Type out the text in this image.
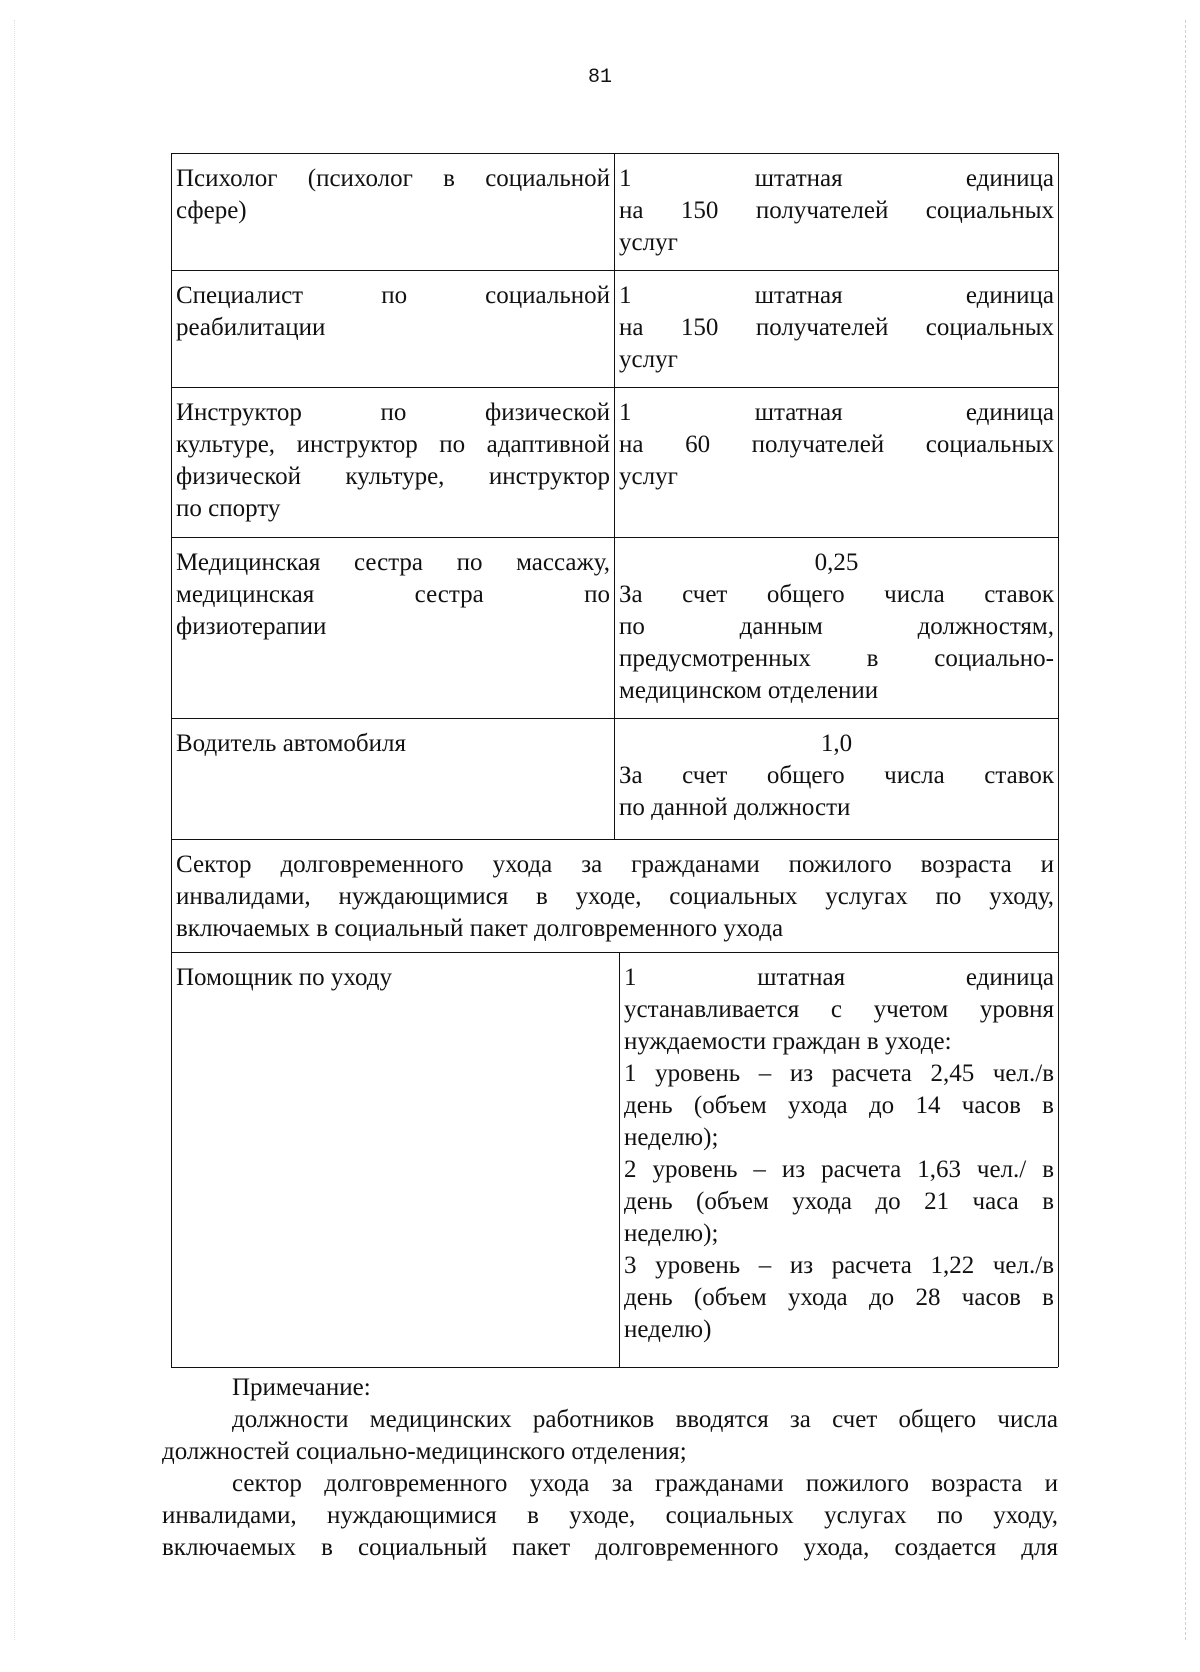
81
Психолог (психолог в социальной
сфере)
1 штатная единица
на 150 получателей социальных
услуг
Специалист по социальной
реабилитации
1 штатная единица
на 150 получателей социальных
услуг
Инструктор по физической
культуре, инструктор по адаптивной
физической культуре, инструктор
по спорту
1 штатная единица
на 60 получателей социальных
услуг
Медицинская сестра по массажу,
медицинская сестра по
физиотерапии
0,25
За счет общего числа ставок
по данным должностям,
предусмотренных в социально-
медицинском отделении
Водитель автомобиля	1,0
За счет общего числа ставок
по данной должности
Сектор долговременного ухода за гражданами пожилого возраста и
инвалидами, нуждающимися в уходе, социальных услугах по уходу,
включаемых в социальный пакет долговременного ухода
Помощник по уходу	1 штатная единица
устанавливается с учетом уровня
нуждаемости граждан в уходе:
1 уровень – из расчета 2,45 чел./в
день (объем ухода до 14 часов в
неделю);
2 уровень – из расчета 1,63 чел./ в
день (объем ухода до 21 часа в
неделю);
3 уровень – из расчета 1,22 чел./в
день (объем ухода до 28 часов в
неделю)
Примечание:
должности медицинских работников вводятся за счет общего числа
должностей социально-медицинского отделения;
сектор долговременного ухода за гражданами пожилого возраста и
инвалидами, нуждающимися в уходе, социальных услугах по уходу,
включаемых в социальный пакет долговременного ухода, создается для
